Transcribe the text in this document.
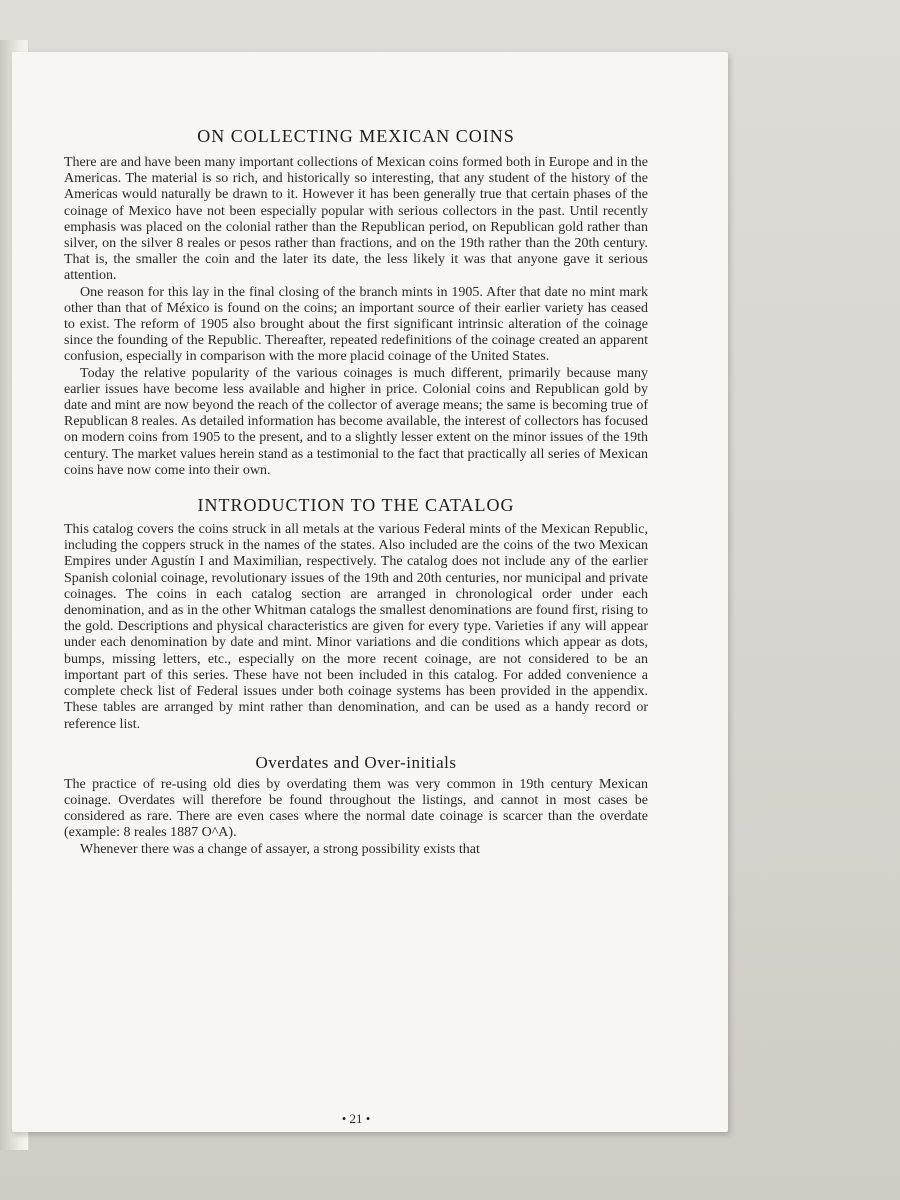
ON COLLECTING MEXICAN COINS

There are and have been many important collections of Mexican coins formed both in Europe and in the Americas. The material is so rich, and historically so interesting, that any student of the history of the Americas would naturally be drawn to it. However it has been generally true that certain phases of the coinage of Mexico have not been especially popular with serious collectors in the past. Until recently emphasis was placed on the colonial rather than the Republican period, on Republican gold rather than silver, on the silver 8 reales or pesos rather than fractions, and on the 19th rather than the 20th century. That is, the smaller the coin and the later its date, the less likely it was that anyone gave it serious attention.

One reason for this lay in the final closing of the branch mints in 1905. After that date no mint mark other than that of México is found on the coins; an important source of their earlier variety has ceased to exist. The reform of 1905 also brought about the first significant intrinsic alteration of the coinage since the founding of the Republic. Thereafter, repeated redefinitions of the coinage created an apparent confusion, especially in comparison with the more placid coinage of the United States.

Today the relative popularity of the various coinages is much different, primarily because many earlier issues have become less available and higher in price. Colonial coins and Republican gold by date and mint are now beyond the reach of the collector of average means; the same is becoming true of Republican 8 reales. As detailed information has become available, the interest of collectors has focused on modern coins from 1905 to the present, and to a slightly lesser extent on the minor issues of the 19th century. The market values herein stand as a testimonial to the fact that practically all series of Mexican coins have now come into their own.

INTRODUCTION TO THE CATALOG

This catalog covers the coins struck in all metals at the various Federal mints of the Mexican Republic, including the coppers struck in the names of the states. Also included are the coins of the two Mexican Empires under Agustín I and Maximilian, respectively. The catalog does not include any of the earlier Spanish colonial coinage, revolutionary issues of the 19th and 20th centuries, nor municipal and private coinages. The coins in each catalog section are arranged in chronological order under each denomination, and as in the other Whitman catalogs the smallest denominations are found first, rising to the gold. Descriptions and physical characteristics are given for every type. Varieties if any will appear under each denomination by date and mint. Minor variations and die conditions which appear as dots, bumps, missing letters, etc., especially on the more recent coinage, are not considered to be an important part of this series. These have not been included in this catalog. For added convenience a complete check list of Federal issues under both coinage systems has been provided in the appendix. These tables are arranged by mint rather than denomination, and can be used as a handy record or reference list.

Overdates and Over-initials

The practice of re-using old dies by overdating them was very common in 19th century Mexican coinage. Overdates will therefore be found throughout the listings, and cannot in most cases be considered as rare. There are even cases where the normal date coinage is scarcer than the overdate (example: 8 reales 1887 O^A).

Whenever there was a change of assayer, a strong possibility exists that

• 21 •
